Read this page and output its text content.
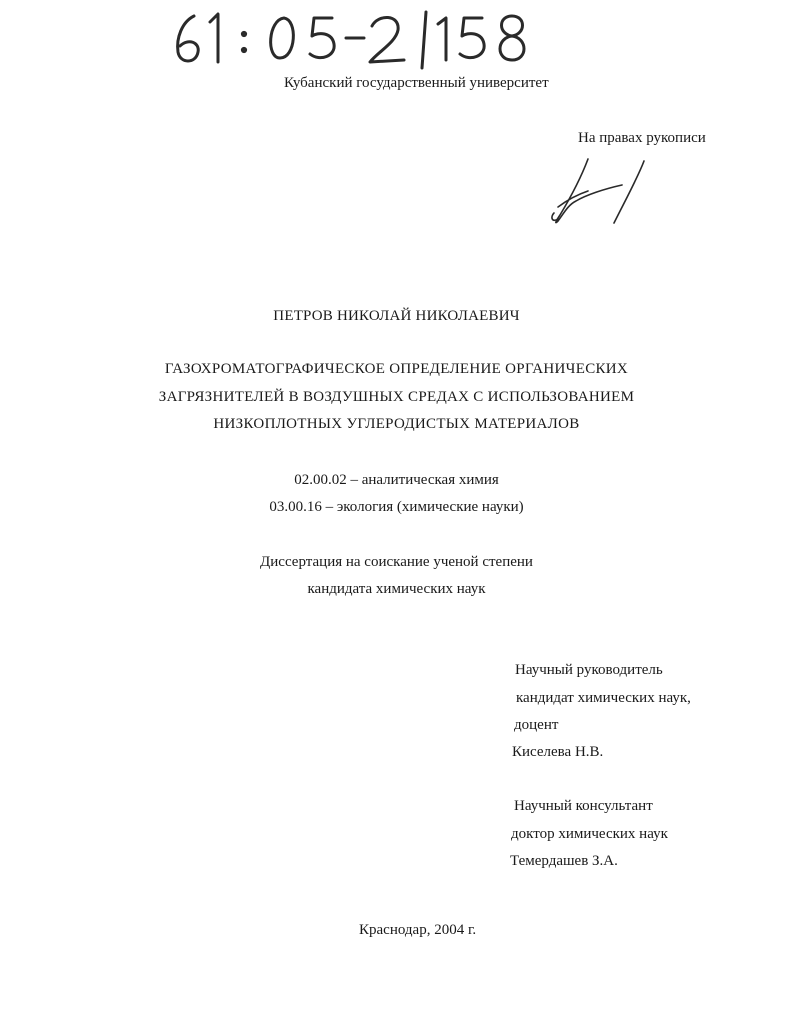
Кубанский государственный университет
На правах рукописи
ПЕТРОВ НИКОЛАЙ НИКОЛАЕВИЧ
ГАЗОХРОМАТОГРАФИЧЕСКОЕ ОПРЕДЕЛЕНИЕ ОРГАНИЧЕСКИХ
ЗАГРЯЗНИТЕЛЕЙ В ВОЗДУШНЫХ СРЕДАХ С ИСПОЛЬЗОВАНИЕМ
НИЗКОПЛОТНЫХ УГЛЕРОДИСТЫХ МАТЕРИАЛОВ
02.00.02 – аналитическая химия
03.00.16 – экология (химические науки)
Диссертация на соискание ученой степени
кандидата химических наук
Научный руководитель
кандидат химических наук,
доцент
Киселева Н.В.
Научный консультант
доктор химических наук
Темердашев З.А.
Краснодар, 2004 г.
